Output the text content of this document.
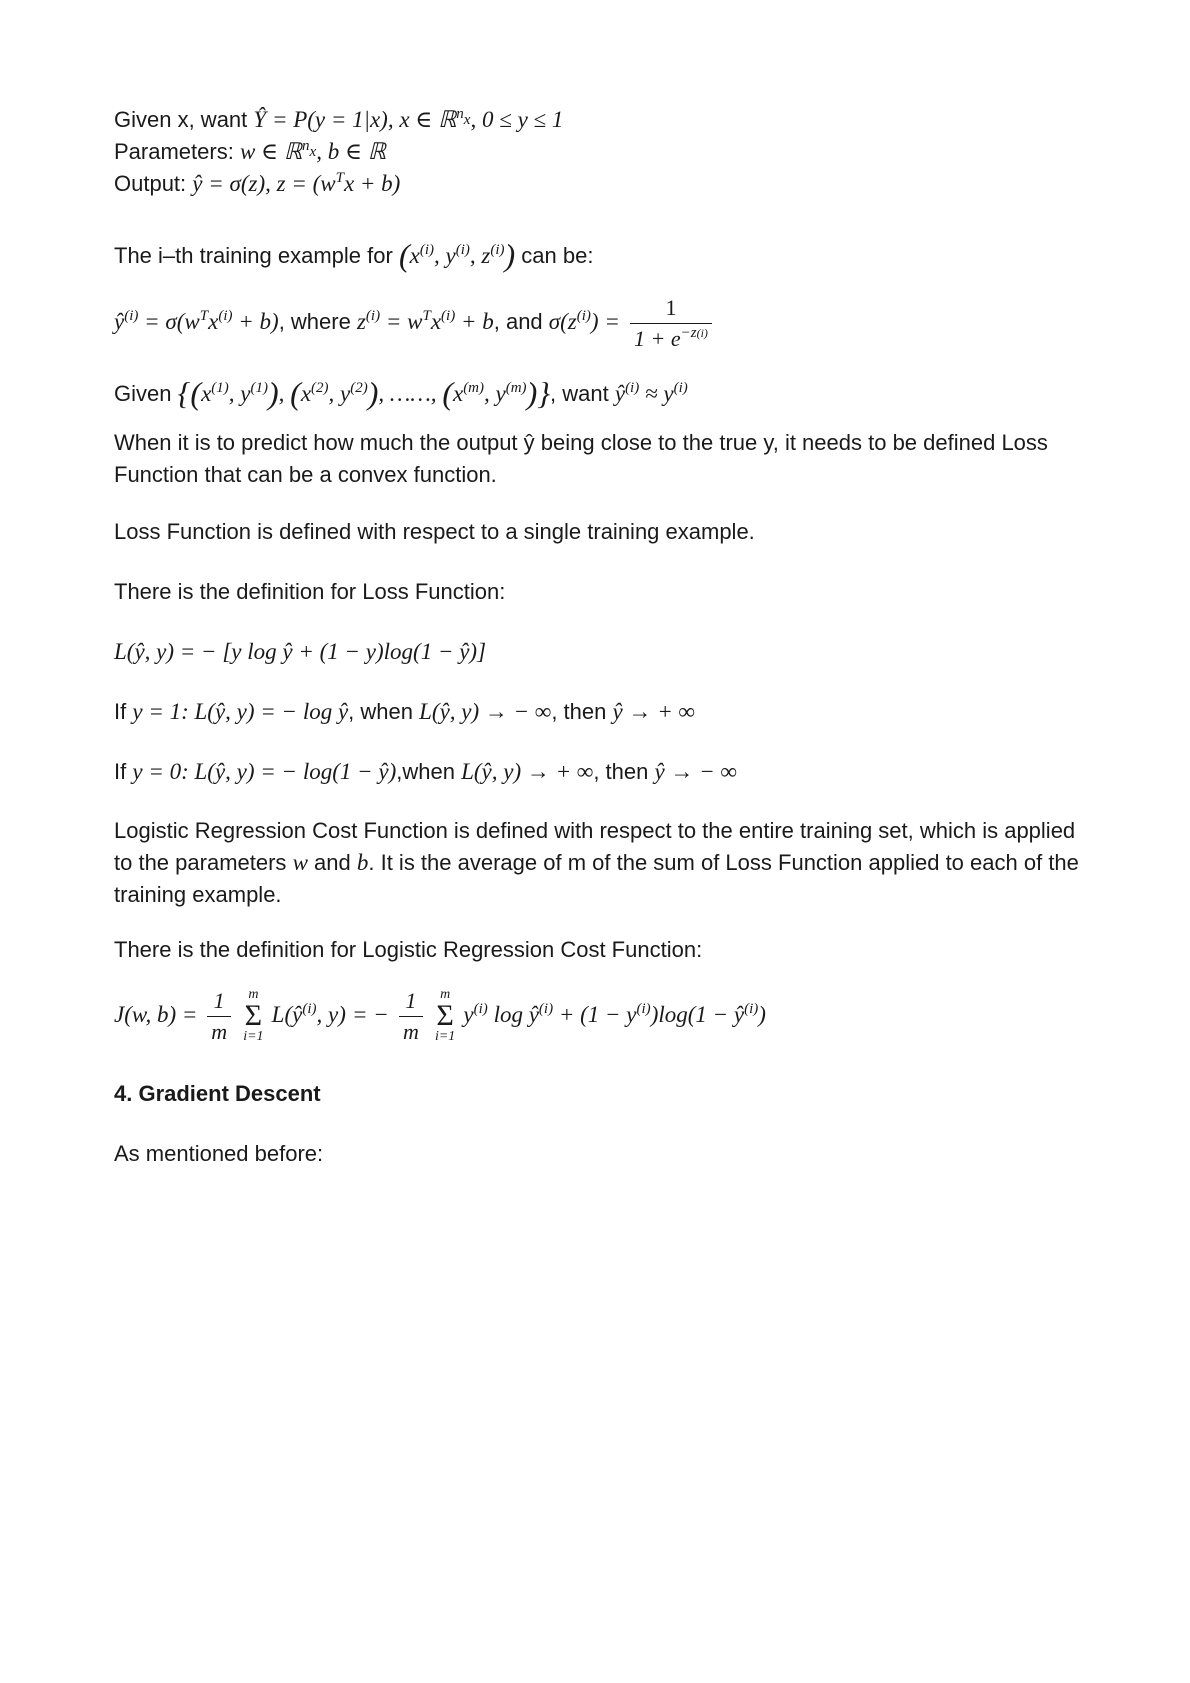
Given x, want Ŷ = P(y = 1|x), x ∈ ℝ$^{nx}$, 0 ≤ y ≤ 1
Parameters: w ∈ ℝ$^{nx}$, b ∈ ℝ
Output: ŷ = σ(z), $z = (w^Tx + b)$
The i–th training example for ($x^{(i)}$, $y^{(i)}$, $z^{(i)}$) can be:
$ŷ^{(i)} = \sigma(w^Tx^{(i)} + b)$, where $z^{(i)} = w^Tx^{(i)} + b$, and $\sigma(z^{(i)}) = \frac{1}{1 + e^{-z(i)}}$
Given {($x^{(1)}$, $y^{(1)}$), ($x^{(2)}$, $y^{(2)}$), ……, ($x^{(m)}$, $y^{(m)}$)}, want $ŷ^{(i)} \approx y^{(i)}$
When it is to predict how much the output ŷ being close to the true y, it needs to be defined Loss Function that can be a convex function.
Loss Function is defined with respect to a single training example.
There is the definition for Loss Function:
L(ŷ, y) = − [y log ŷ + (1 − y)log(1 − ŷ)]
If y = 1: L(ŷ, y) = − log ŷ, when L(ŷ, y) → − ∞, then ŷ → + ∞
If y = 0: L(ŷ, y) = − log(1 − ŷ),when L(ŷ, y) → + ∞, then ŷ → − ∞
Logistic Regression Cost Function is defined with respect to the entire training set, which is applied to the parameters w and b. It is the average of m of the sum of Loss Function applied to each of the training example.
There is the definition for Logistic Regression Cost Function:
J(w, $b) = \frac{1}{m}$
	m
Σ
i=1
$L(ŷ^{(i)}$, y) = − $\frac{1}{m}$
	m
Σ
i=1
$y^{(i)}$ $\log ŷ^{(i)} + (1 - y^{(i)})\log(1$ − $ŷ^{(i)}$)
4. Gradient Descent
As mentioned before:
